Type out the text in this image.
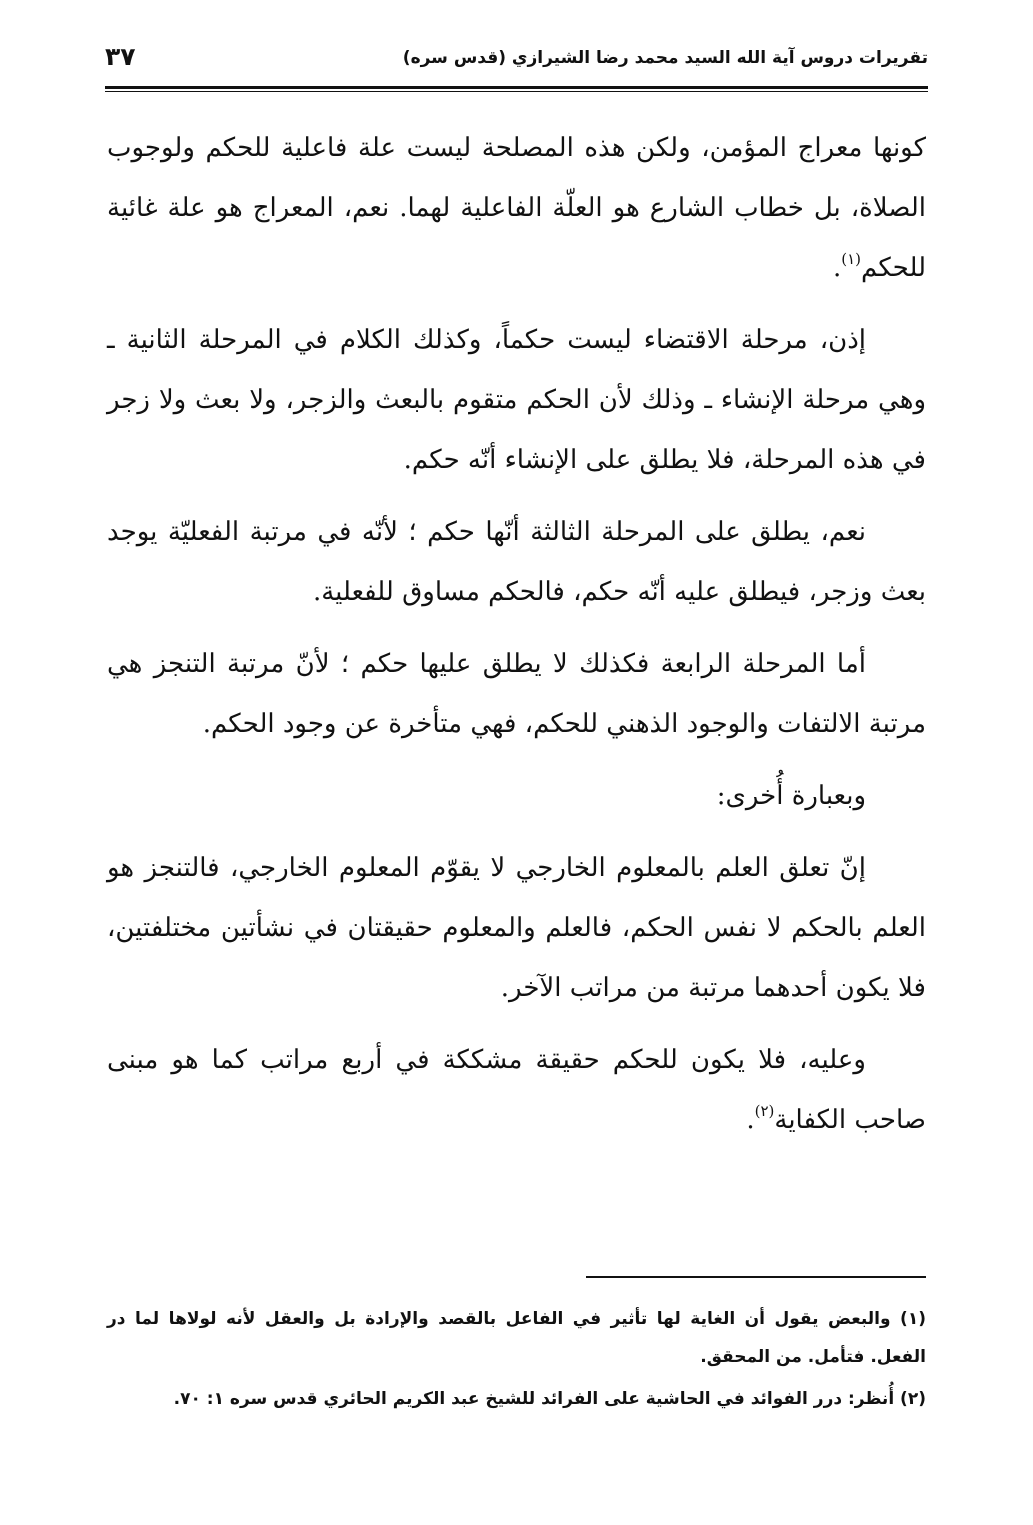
تقريرات دروس آية الله السيد محمد رضا الشيرازي (قدس سره)
٣٧

كونها معراج المؤمن، ولكن هذه المصلحة ليست علة فاعلية للحكم ولوجوب الصلاة، بل خطاب الشارع هو العلّة الفاعلية لهما. نعم، المعراج هو علة غائية للحكم$^{(١)}$.

إذن، مرحلة الاقتضاء ليست حكماً، وكذلك الكلام في المرحلة الثانية ـ وهي مرحلة الإنشاء ـ وذلك لأن الحكم متقوم بالبعث والزجر، ولا بعث ولا زجر في هذه المرحلة، فلا يطلق على الإنشاء أنّه حكم.

نعم، يطلق على المرحلة الثالثة أنّها حكم ؛ لأنّه في مرتبة الفعليّة يوجد بعث وزجر، فيطلق عليه أنّه حكم، فالحكم مساوق للفعلية.

أما المرحلة الرابعة فكذلك لا يطلق عليها حكم ؛ لأنّ مرتبة التنجز هي مرتبة الالتفات والوجود الذهني للحكم، فهي متأخرة عن وجود الحكم.

وبعبارة أُخرى:

إنّ تعلق العلم بالمعلوم الخارجي لا يقوّم المعلوم الخارجي، فالتنجز هو العلم بالحكم لا نفس الحكم، فالعلم والمعلوم حقيقتان في نشأتين مختلفتين، فلا يكون أحدهما مرتبة من مراتب الآخر.

وعليه، فلا يكون للحكم حقيقة مشككة في أربع مراتب كما هو مبنى صاحب الكفاية$^{(٢)}$.

(١) والبعض يقول أن الغاية لها تأثير في الفاعل بالقصد والإرادة بل والعقل لأنه لولاها لما در الفعل. فتأمل. من المحقق.

(٢) أُنظر: درر الفوائد في الحاشية على الفرائد للشيخ عبد الكريم الحائري قدس سره ١: ٧٠.
